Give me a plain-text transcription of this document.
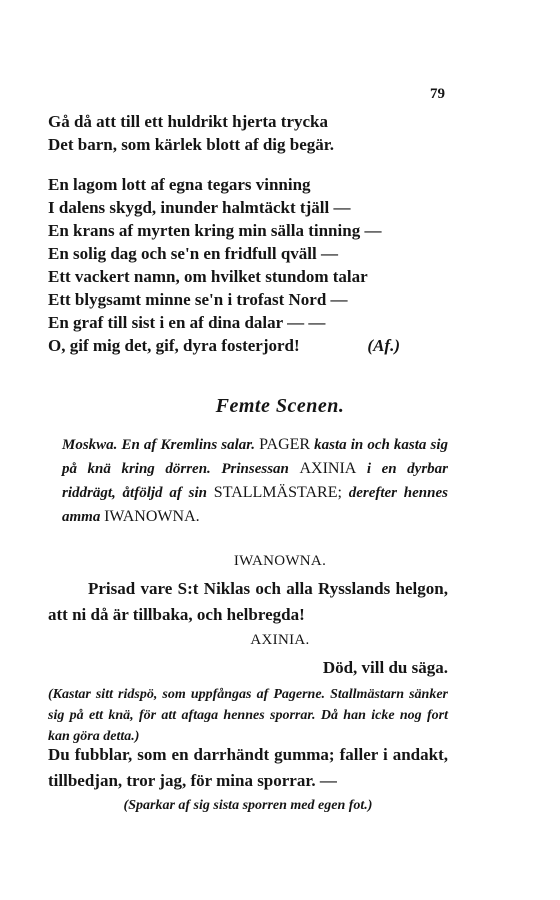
79
Gå då att till ett huldrikt hjerta trycka
Det barn, som kärlek blott af dig begär.
En lagom lott af egna tegars vinning
I dalens skygd, inunder halmtäckt tjäll —
En krans af myrten kring min sälla tinning —
En solig dag och se'n en fridfull qväll —
Ett vackert namn, om hvilket stundom talar
Ett blygsamt minne se'n i trofast Nord —
En graf till sist i en af dina dalar — —
O, gif mig det, gif, dyra fosterjord!	(Af.)
Femte Scenen.
Moskwa. En af Kremlins salar. PAGER kasta in och kasta sig på knä kring dörren. Prinsessan AXINIA i en dyrbar riddrägt, åtföljd af sin STALLMÄSTARE; derefter hennes amma IWANOWNA.
IWANOWNA.
Prisad vare S:t Niklas och alla Rysslands helgon, att ni då är tillbaka, och helbregda!
AXINIA.
Död, vill du säga.
(Kastar sitt ridspö, som uppfångas af Pagerne. Stallmästarn sänker sig på ett knä, för att aftaga hennes sporrar. Då han icke nog fort kan göra detta.)
Du fubblar, som en darrhändt gumma; faller i andakt, tillbedjan, tror jag, för mina sporrar. —
(Sparkar af sig sista sporren med egen fot.)
